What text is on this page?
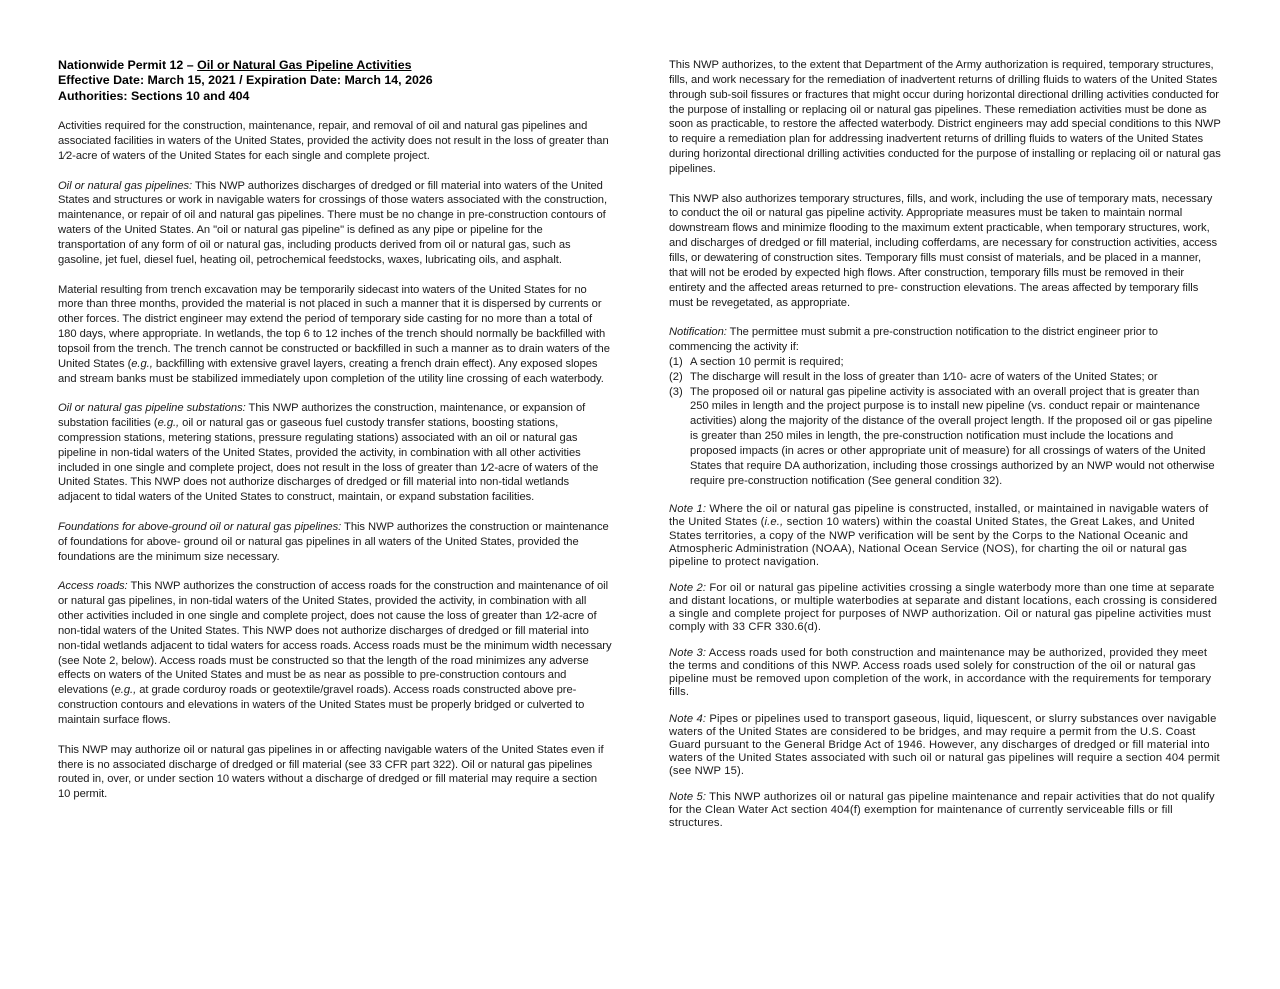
Nationwide Permit 12 – Oil or Natural Gas Pipeline Activities
Effective Date: March 15, 2021 / Expiration Date: March 14, 2026
Authorities: Sections 10 and 404

Activities required for the construction, maintenance, repair, and removal of oil and natural gas pipelines and associated facilities in waters of the United States, provided the activity does not result in the loss of greater than 1⁄2-acre of waters of the United States for each single and complete project.

Oil or natural gas pipelines: This NWP authorizes discharges of dredged or fill material into waters of the United States and structures or work in navigable waters for crossings of those waters associated with the construction, maintenance, or repair of oil and natural gas pipelines. There must be no change in pre-construction contours of waters of the United States. An "oil or natural gas pipeline" is defined as any pipe or pipeline for the transportation of any form of oil or natural gas, including products derived from oil or natural gas, such as gasoline, jet fuel, diesel fuel, heating oil, petrochemical feedstocks, waxes, lubricating oils, and asphalt.

Material resulting from trench excavation may be temporarily sidecast into waters of the United States for no more than three months, provided the material is not placed in such a manner that it is dispersed by currents or other forces. The district engineer may extend the period of temporary side casting for no more than a total of 180 days, where appropriate. In wetlands, the top 6 to 12 inches of the trench should normally be backfilled with topsoil from the trench. The trench cannot be constructed or backfilled in such a manner as to drain waters of the United States (e.g., backfilling with extensive gravel layers, creating a french drain effect). Any exposed slopes and stream banks must be stabilized immediately upon completion of the utility line crossing of each waterbody.

Oil or natural gas pipeline substations: This NWP authorizes the construction, maintenance, or expansion of substation facilities (e.g., oil or natural gas or gaseous fuel custody transfer stations, boosting stations, compression stations, metering stations, pressure regulating stations) associated with an oil or natural gas pipeline in non-tidal waters of the United States, provided the activity, in combination with all other activities included in one single and complete project, does not result in the loss of greater than 1⁄2-acre of waters of the United States. This NWP does not authorize discharges of dredged or fill material into non-tidal wetlands adjacent to tidal waters of the United States to construct, maintain, or expand substation facilities.

Foundations for above-ground oil or natural gas pipelines: This NWP authorizes the construction or maintenance of foundations for above- ground oil or natural gas pipelines in all waters of the United States, provided the foundations are the minimum size necessary.

Access roads: This NWP authorizes the construction of access roads for the construction and maintenance of oil or natural gas pipelines, in non-tidal waters of the United States, provided the activity, in combination with all other activities included in one single and complete project, does not cause the loss of greater than 1⁄2-acre of non-tidal waters of the United States. This NWP does not authorize discharges of dredged or fill material into non-tidal wetlands adjacent to tidal waters for access roads. Access roads must be the minimum width necessary (see Note 2, below). Access roads must be constructed so that the length of the road minimizes any adverse effects on waters of the United States and must be as near as possible to pre-construction contours and elevations (e.g., at grade corduroy roads or geotextile/gravel roads). Access roads constructed above pre-construction contours and elevations in waters of the United States must be properly bridged or culverted to maintain surface flows.

This NWP may authorize oil or natural gas pipelines in or affecting navigable waters of the United States even if there is no associated discharge of dredged or fill material (see 33 CFR part 322). Oil or natural gas pipelines routed in, over, or under section 10 waters without a discharge of dredged or fill material may require a section 10 permit.

This NWP authorizes, to the extent that Department of the Army authorization is required, temporary structures, fills, and work necessary for the remediation of inadvertent returns of drilling fluids to waters of the United States through sub-soil fissures or fractures that might occur during horizontal directional drilling activities conducted for the purpose of installing or replacing oil or natural gas pipelines. These remediation activities must be done as soon as practicable, to restore the affected waterbody. District engineers may add special conditions to this NWP to require a remediation plan for addressing inadvertent returns of drilling fluids to waters of the United States during horizontal directional drilling activities conducted for the purpose of installing or replacing oil or natural gas pipelines.

This NWP also authorizes temporary structures, fills, and work, including the use of temporary mats, necessary to conduct the oil or natural gas pipeline activity. Appropriate measures must be taken to maintain normal downstream flows and minimize flooding to the maximum extent practicable, when temporary structures, work, and discharges of dredged or fill material, including cofferdams, are necessary for construction activities, access fills, or dewatering of construction sites. Temporary fills must consist of materials, and be placed in a manner, that will not be eroded by expected high flows. After construction, temporary fills must be removed in their entirety and the affected areas returned to pre- construction elevations. The areas affected by temporary fills must be revegetated, as appropriate.

Notification: The permittee must submit a pre-construction notification to the district engineer prior to commencing the activity if:

(1) A section 10 permit is required;
(2) The discharge will result in the loss of greater than 1⁄10- acre of waters of the United States; or
(3) The proposed oil or natural gas pipeline activity is associated with an overall project that is greater than 250 miles in length and the project purpose is to install new pipeline (vs. conduct repair or maintenance activities) along the majority of the distance of the overall project length. If the proposed oil or gas pipeline is greater than 250 miles in length, the pre-construction notification must include the locations and proposed impacts (in acres or other appropriate unit of measure) for all crossings of waters of the United States that require DA authorization, including those crossings authorized by an NWP would not otherwise require pre-construction notification (See general condition 32).

Note 1: Where the oil or natural gas pipeline is constructed, installed, or maintained in navigable waters of the United States (i.e., section 10 waters) within the coastal United States, the Great Lakes, and United States territories, a copy of the NWP verification will be sent by the Corps to the National Oceanic and Atmospheric Administration (NOAA), National Ocean Service (NOS), for charting the oil or natural gas pipeline to protect navigation.

Note 2: For oil or natural gas pipeline activities crossing a single waterbody more than one time at separate and distant locations, or multiple waterbodies at separate and distant locations, each crossing is considered a single and complete project for purposes of NWP authorization. Oil or natural gas pipeline activities must comply with 33 CFR 330.6(d).

Note 3: Access roads used for both construction and maintenance may be authorized, provided they meet the terms and conditions of this NWP. Access roads used solely for construction of the oil or natural gas pipeline must be removed upon completion of the work, in accordance with the requirements for temporary fills.

Note 4: Pipes or pipelines used to transport gaseous, liquid, liquescent, or slurry substances over navigable waters of the United States are considered to be bridges, and may require a permit from the U.S. Coast Guard pursuant to the General Bridge Act of 1946. However, any discharges of dredged or fill material into waters of the United States associated with such oil or natural gas pipelines will require a section 404 permit (see NWP 15).

Note 5: This NWP authorizes oil or natural gas pipeline maintenance and repair activities that do not qualify for the Clean Water Act section 404(f) exemption for maintenance of currently serviceable fills or fill structures.
